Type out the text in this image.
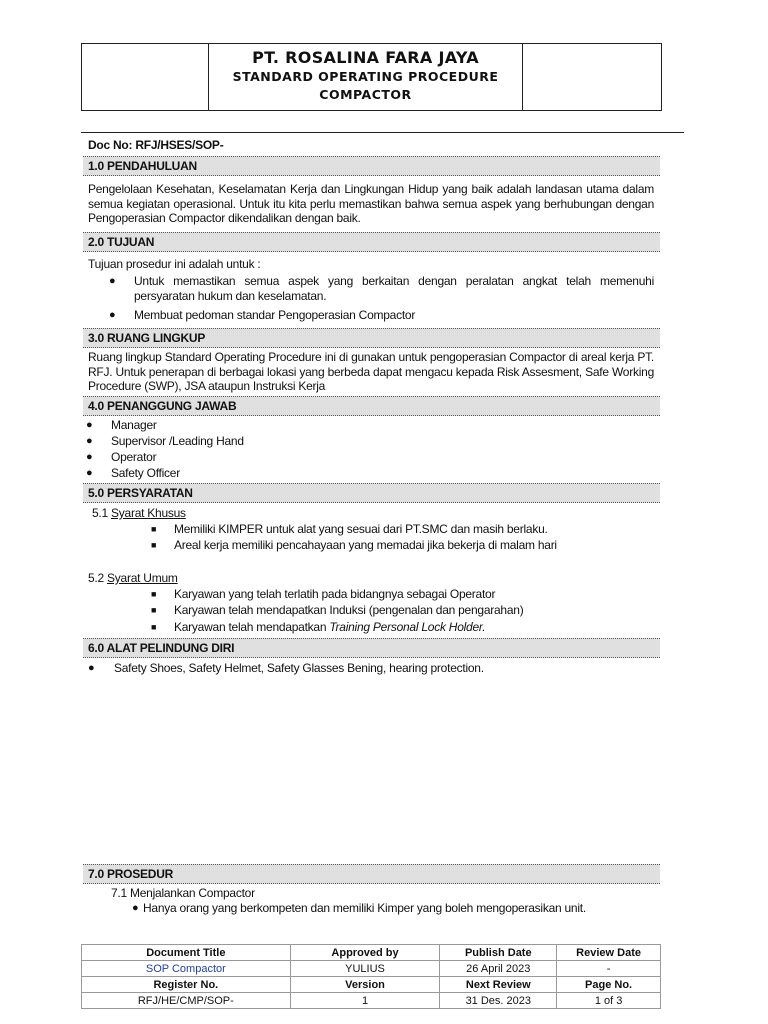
PT. ROSALINA FARA JAYA
STANDARD OPERATING PROCEDURE
COMPACTOR
Doc No: RFJ/HSES/SOP-
1.0 PENDAHULUAN
Pengelolaan Kesehatan, Keselamatan Kerja dan Lingkungan Hidup yang baik adalah landasan utama dalam semua kegiatan operasional. Untuk itu kita perlu memastikan bahwa semua aspek yang berhubungan dengan Pengoperasian Compactor dikendalikan dengan baik.
2.0 TUJUAN
Tujuan prosedur ini adalah untuk :
●	Untuk memastikan semua aspek yang berkaitan dengan peralatan angkat telah memenuhi persyaratan hukum dan keselamatan.
●	Membuat pedoman standar Pengoperasian Compactor
3.0 RUANG LINGKUP
Ruang lingkup Standard Operating Procedure ini di gunakan untuk pengoperasian Compactor di areal kerja PT. RFJ. Untuk penerapan di berbagai lokasi yang berbeda dapat mengacu kepada Risk Assesment, Safe Working Procedure (SWP), JSA ataupun Instruksi Kerja
4.0 PENANGGUNG JAWAB
●	Manager
●	Supervisor /Leading Hand
●	Operator
●	Safety Officer
5.0 PERSYARATAN
5.1 Syarat Khusus
■	Memiliki KIMPER untuk alat yang sesuai dari PT.SMC dan masih berlaku.
■	Areal kerja memiliki pencahayaan yang memadai jika bekerja di malam hari
5.2 Syarat Umum
■	Karyawan yang telah terlatih pada bidangnya sebagai Operator
■	Karyawan telah mendapatkan Induksi (pengenalan dan pengarahan)
■	Karyawan telah mendapatkan Training Personal Lock Holder.
6.0 ALAT PELINDUNG DIRI
●	Safety Shoes, Safety Helmet, Safety Glasses Bening, hearing protection.
7.0 PROSEDUR
7.1 Menjalankan Compactor
● Hanya orang yang berkompeten dan memiliki Kimper yang boleh mengoperasikan unit.
Document Title	Approved by	Publish Date	Review Date
SOP Compactor	YULIUS	26 April 2023	-
Register No.	Version	Next Review	Page No.
RFJ/HE/CMP/SOP-	1	31 Des. 2023	1 of 3
